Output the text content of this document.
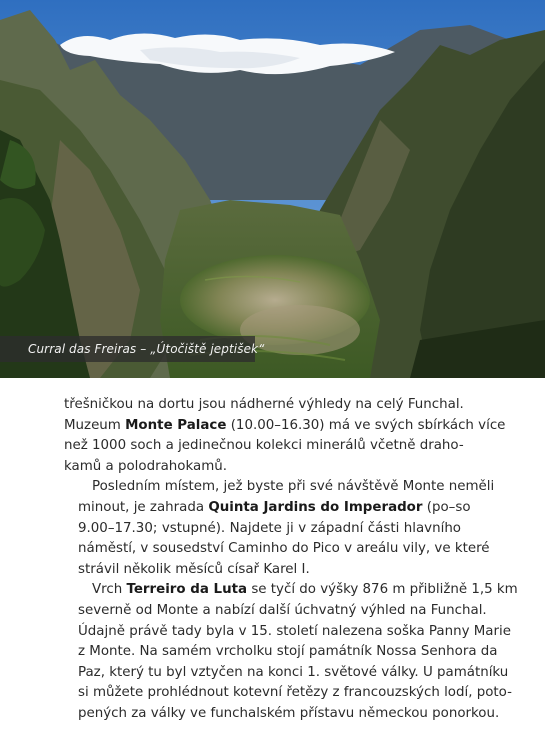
Curral das Freiras – „Útočiště jeptišek“

třešničkou na dortu jsou nádherné výhledy na celý Funchal.
Muzeum Monte Palace (10.00–16.30) má ve svých sbírkách více
než 1000 soch a jedinečnou kolekci minerálů včetně draho-
kamů a polodrahokamů.

Posledním místem, jež byste při své návštěvě Monte neměli
minout, je zahrada Quinta Jardins do Imperador (po–so
9.00–17.30; vstupné). Najdete ji v západní části hlavního
náměstí, v sousedství Caminho do Pico v areálu vily, ve které
strávil několik měsíců císař Karel I.

Vrch Terreiro da Luta se tyčí do výšky 876 m přibližně 1,5 km
severně od Monte a nabízí další úchvatný výhled na Funchal.
Údajně právě tady byla v 15. století nalezena soška Panny Marie
z Monte. Na samém vrcholku stojí památník Nossa Senhora da
Paz, který tu byl vztyčen na konci 1. světové války. U památníku
si můžete prohlédnout kotevní řetězy z francouzských lodí, poto-
pených za války ve funchalském přístavu německou ponorkou.
